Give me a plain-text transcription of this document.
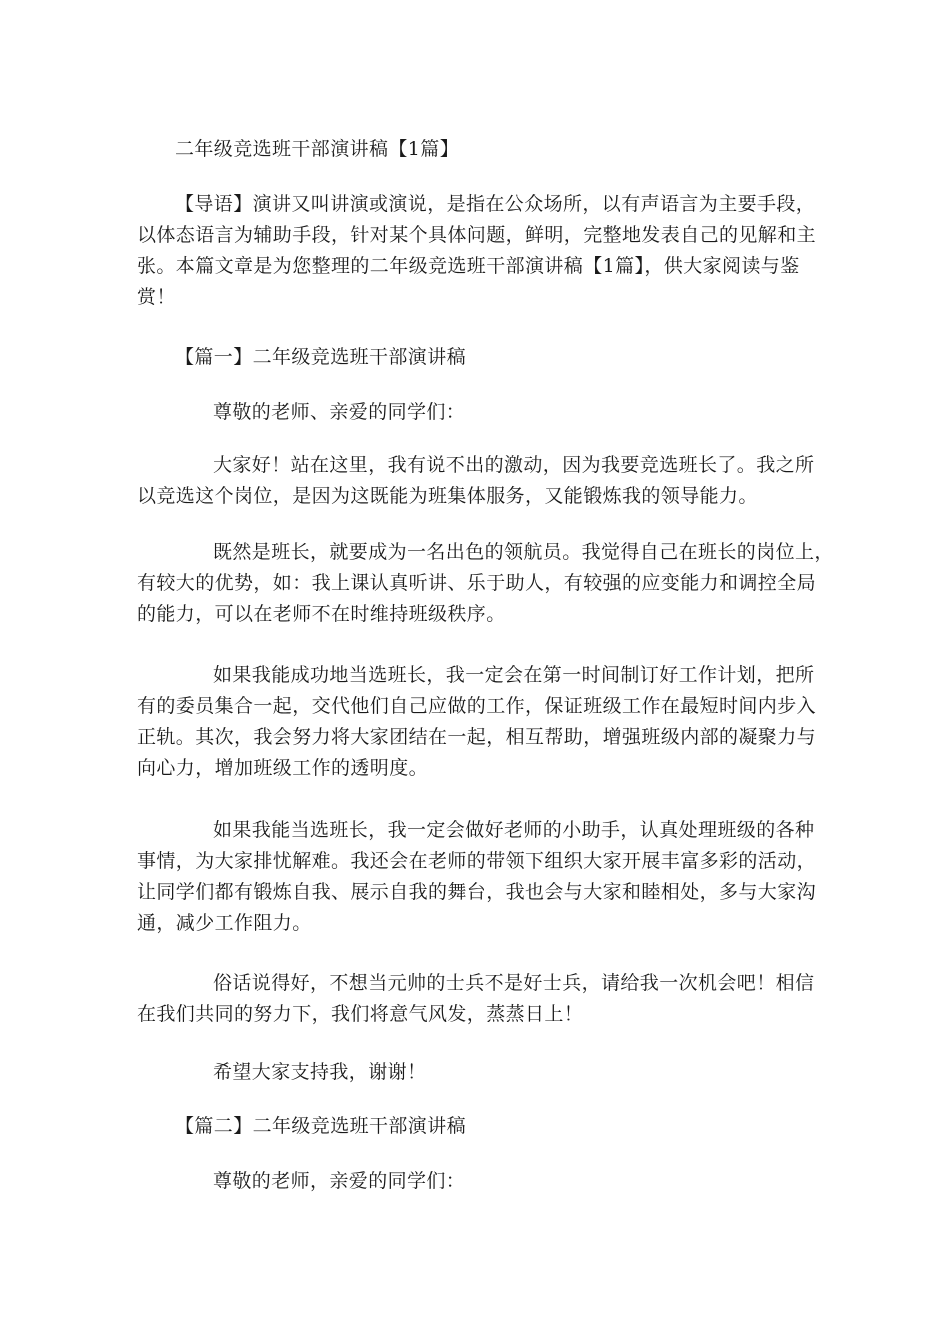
二年级竞选班干部演讲稿【1篇】
【导语】演讲又叫讲演或演说，是指在公众场所，以有声语言为主要手段，
以体态语言为辅助手段，针对某个具体问题，鲜明，完整地发表自己的见解和主
张。本篇文章是为您整理的二年级竞选班干部演讲稿【1篇】，供大家阅读与鉴
赏！
【篇一】二年级竞选班干部演讲稿
尊敬的老师、亲爱的同学们：
大家好！站在这里，我有说不出的激动，因为我要竞选班长了。我之所
以竞选这个岗位，是因为这既能为班集体服务，又能锻炼我的领导能力。
既然是班长，就要成为一名出色的领航员。我觉得自己在班长的岗位上，
有较大的优势，如：我上课认真听讲、乐于助人，有较强的应变能力和调控全局
的能力，可以在老师不在时维持班级秩序。
如果我能成功地当选班长，我一定会在第一时间制订好工作计划，把所
有的委员集合一起，交代他们自己应做的工作，保证班级工作在最短时间内步入
正轨。其次，我会努力将大家团结在一起，相互帮助，增强班级内部的凝聚力与
向心力，增加班级工作的透明度。
如果我能当选班长，我一定会做好老师的小助手，认真处理班级的各种
事情，为大家排忧解难。我还会在老师的带领下组织大家开展丰富多彩的活动，
让同学们都有锻炼自我、展示自我的舞台，我也会与大家和睦相处，多与大家沟
通，减少工作阻力。
俗话说得好，不想当元帅的士兵不是好士兵，请给我一次机会吧！相信
在我们共同的努力下，我们将意气风发，蒸蒸日上！
希望大家支持我，谢谢！
【篇二】二年级竞选班干部演讲稿
尊敬的老师，亲爱的同学们：
